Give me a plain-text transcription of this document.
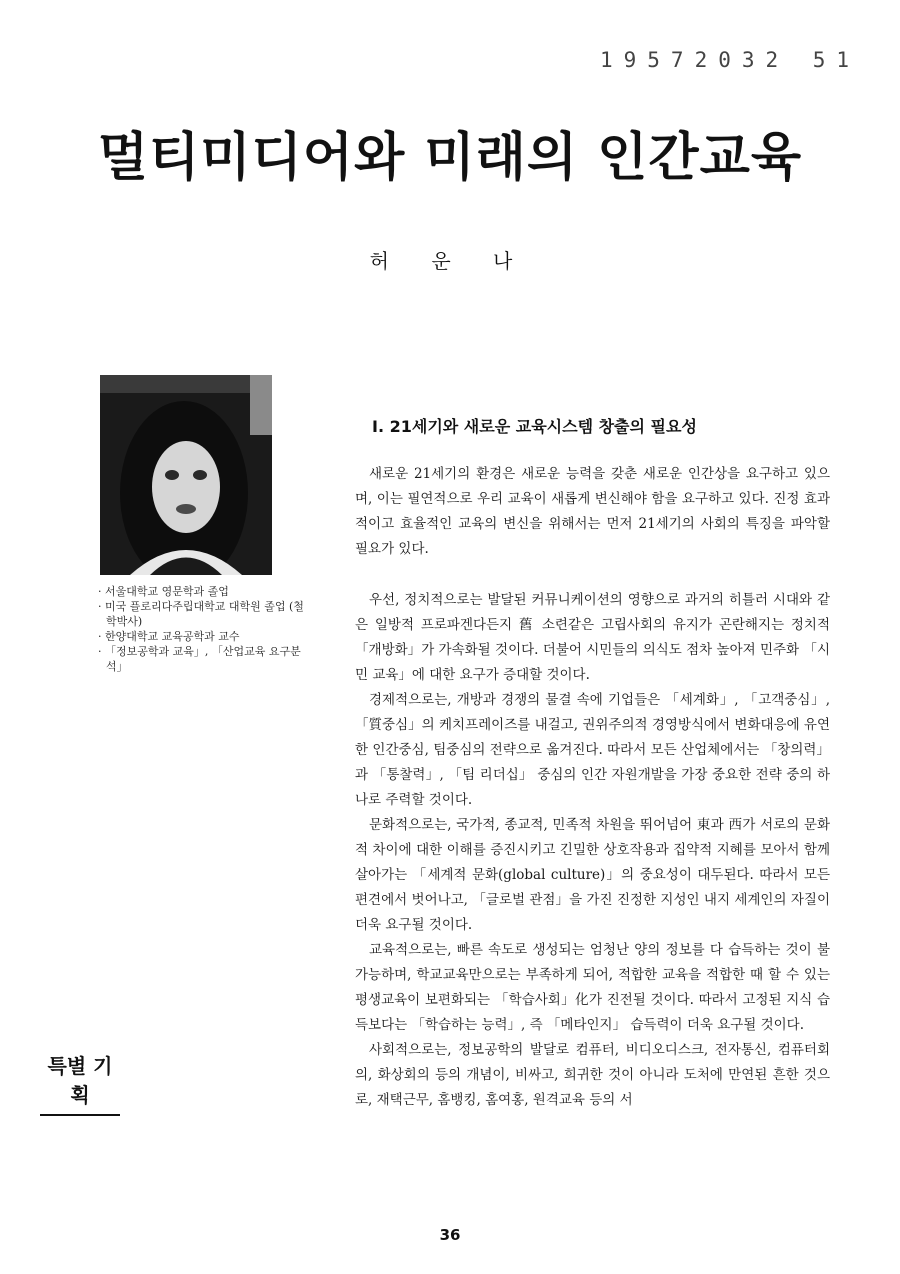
19572032 51
멀티미디어와 미래의 인간교육
허 운 나
· 서울대학교 영문학과 졸업
· 미국 플로리다주립대학교 대학원 졸업 (철학박사)
· 한양대학교 교육공학과 교수
· 「정보공학과 교육」, 「산업교육 요구분석」
특별 기획
Ⅰ. 21세기와 새로운 교육시스템 창출의 필요성

새로운 21세기의 환경은 새로운 능력을 갖춘 새로운 인간상을 요구하고 있으며, 이는 필연적으로 우리 교육이 새롭게 변신해야 함을 요구하고 있다. 진정 효과적이고 효율적인 교육의 변신을 위해서는 먼저 21세기의 사회의 특징을 파악할 필요가 있다.

우선, 정치적으로는 발달된 커뮤니케이션의 영향으로 과거의 히틀러 시대와 같은 일방적 프로파겐다든지 舊 소련같은 고립사회의 유지가 곤란해지는 정치적 「개방화」가 가속화될 것이다. 더불어 시민들의 의식도 점차 높아져 민주화 「시민 교육」에 대한 요구가 증대할 것이다.

경제적으로는, 개방과 경쟁의 물결 속에 기업들은 「세계화」, 「고객중심」, 「質중심」의 케치프레이즈를 내걸고, 권위주의적 경영방식에서 변화대응에 유연한 인간중심, 팀중심의 전략으로 옮겨진다. 따라서 모든 산업체에서는 「창의력」과 「통찰력」, 「팀 리더십」 중심의 인간 자원개발을 가장 중요한 전략 중의 하나로 주력할 것이다.

문화적으로는, 국가적, 종교적, 민족적 차원을 뛰어넘어 東과 西가 서로의 문화적 차이에 대한 이해를 증진시키고 긴밀한 상호작용과 집약적 지혜를 모아서 함께 살아가는 「세계적 문화(global culture)」의 중요성이 대두된다. 따라서 모든 편견에서 벗어나고, 「글로벌 관점」을 가진 진정한 지성인 내지 세계인의 자질이 더욱 요구될 것이다.

교육적으로는, 빠른 속도로 생성되는 엄청난 양의 정보를 다 습득하는 것이 불가능하며, 학교교육만으로는 부족하게 되어, 적합한 교육을 적합한 때 할 수 있는 평생교육이 보편화되는 「학습사회」化가 진전될 것이다. 따라서 고정된 지식 습득보다는 「학습하는 능력」, 즉 「메타인지」 습득력이 더욱 요구될 것이다.

사회적으로는, 정보공학의 발달로 컴퓨터, 비디오디스크, 전자통신, 컴퓨터회의, 화상회의 등의 개념이, 비싸고, 희귀한 것이 아니라 도처에 만연된 흔한 것으로, 재택근무, 홈뱅킹, 홈여홍, 원격교육 등의 서

36
